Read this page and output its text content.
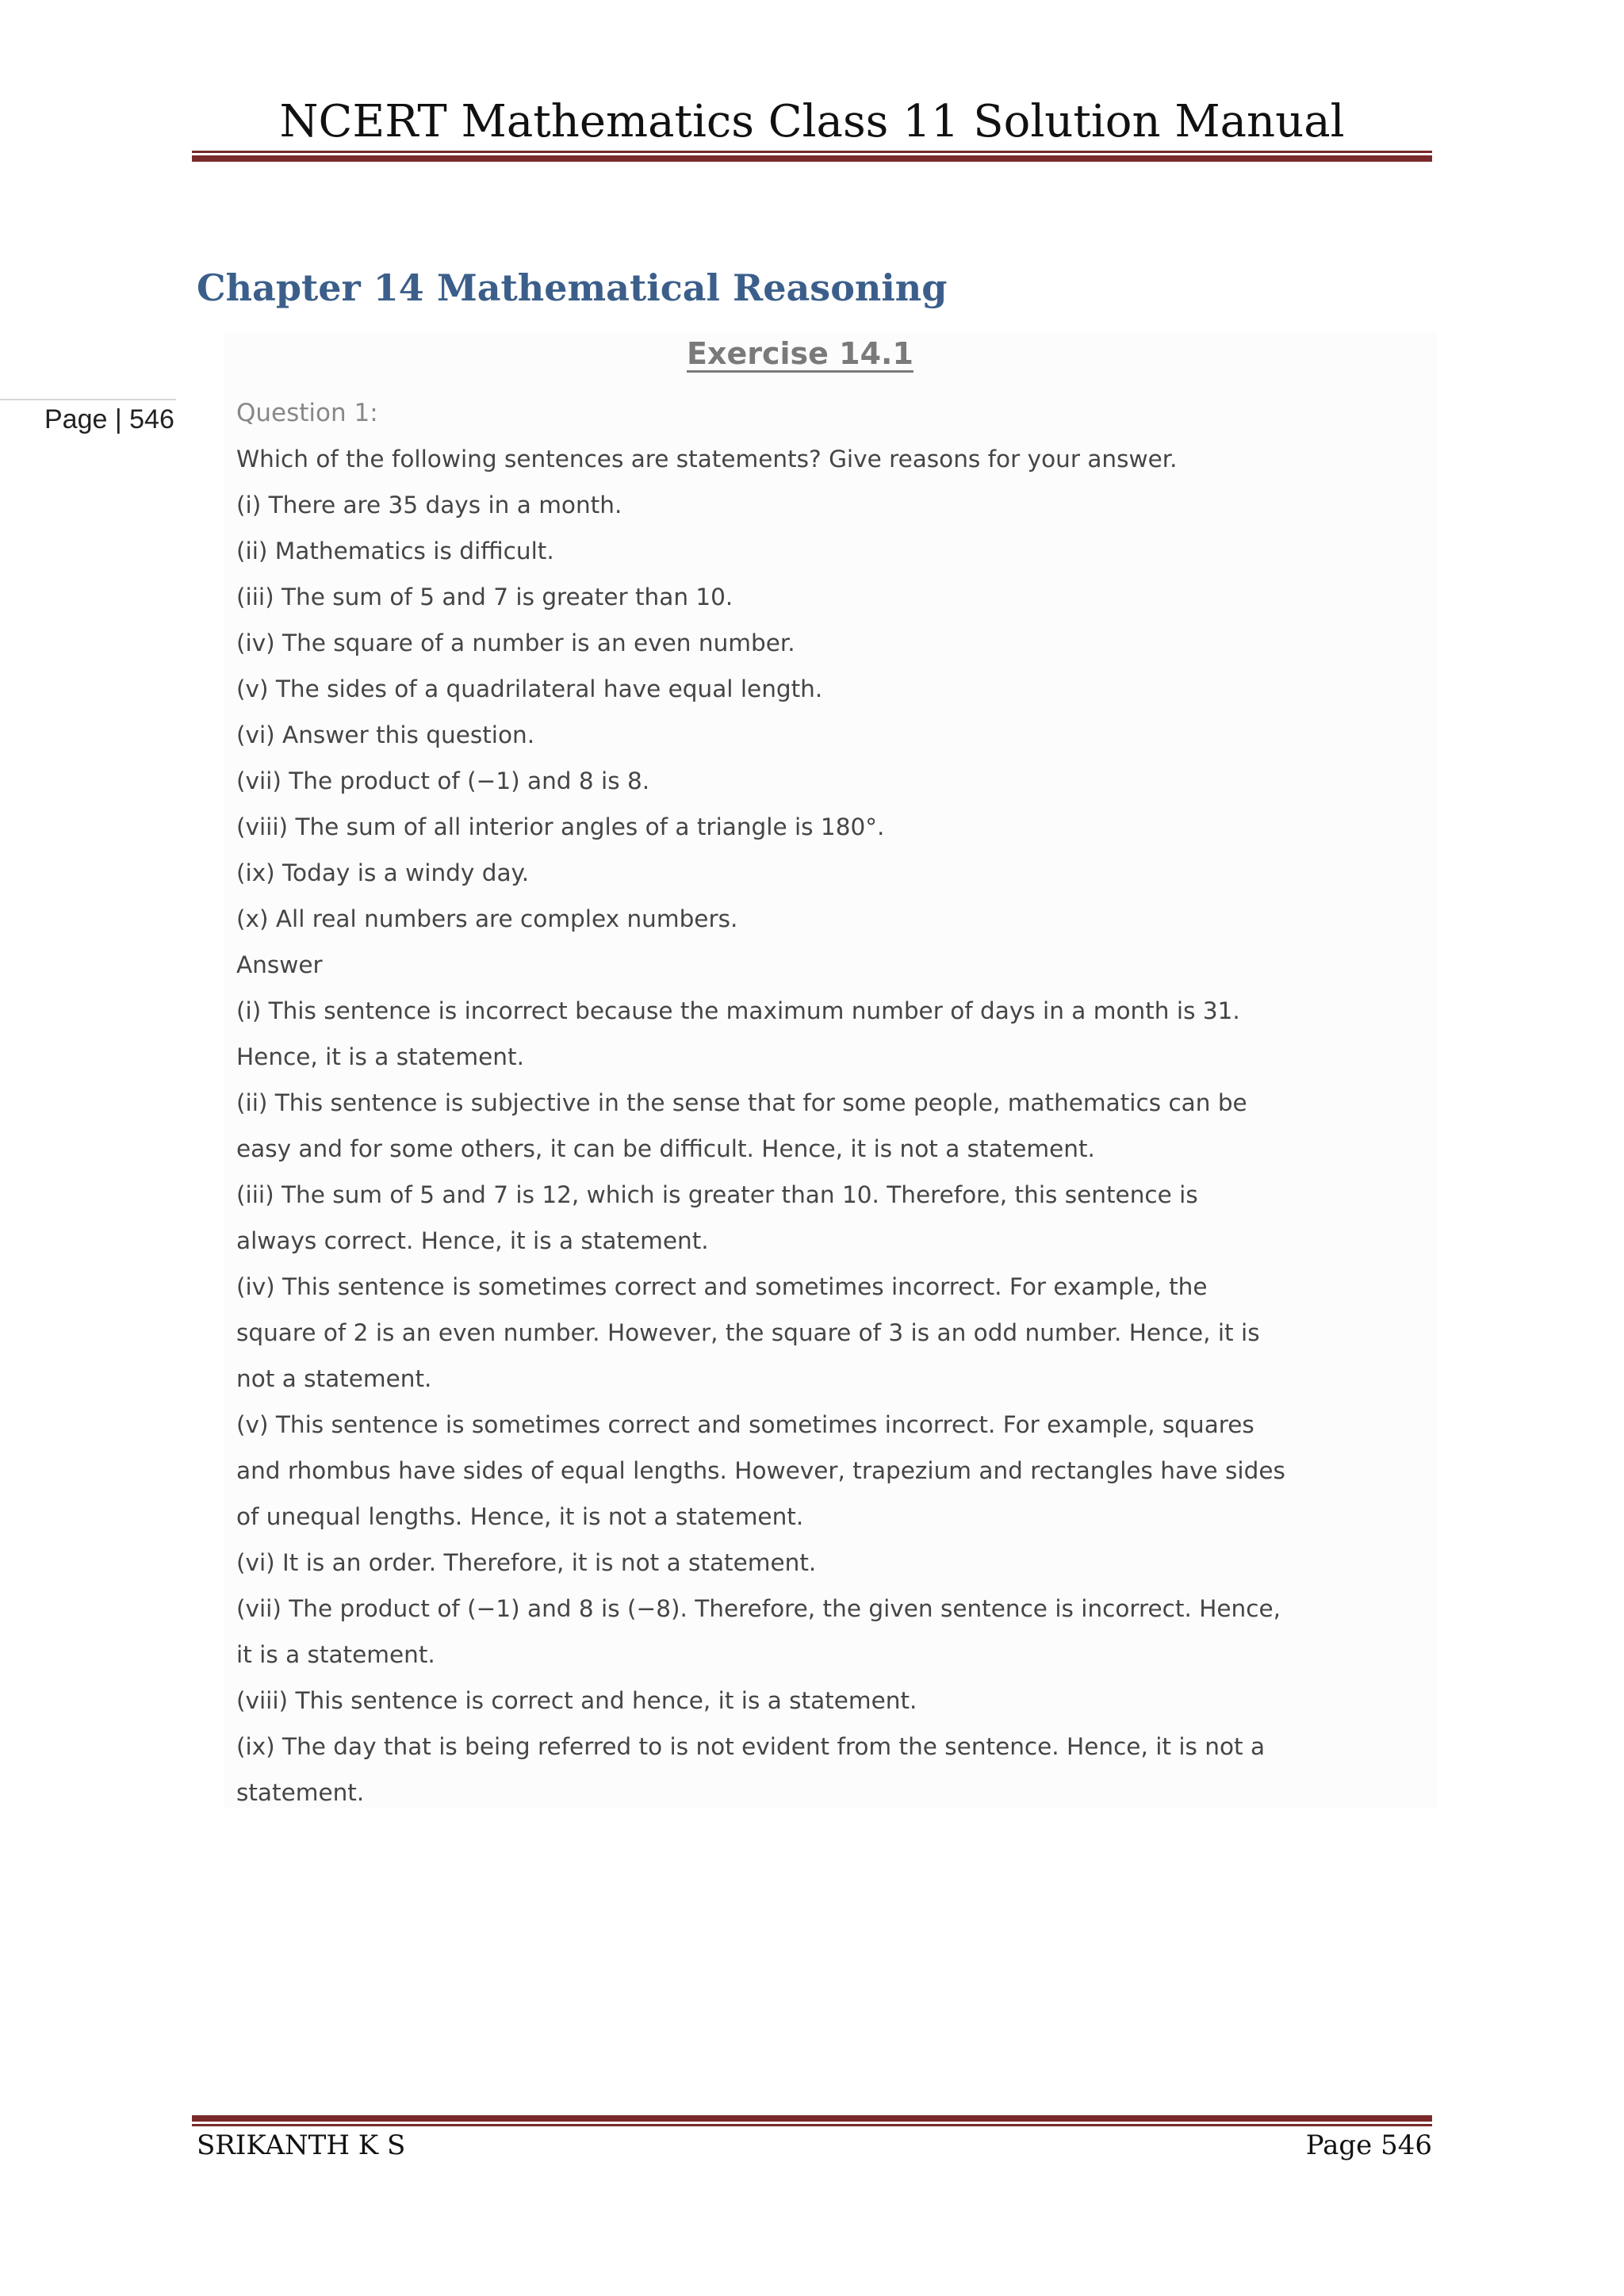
NCERT Mathematics Class 11 Solution Manual
Chapter 14 Mathematical Reasoning
Page | 546
Exercise 14.1
Question 1:
Which of the following sentences are statements? Give reasons for your answer.
(i) There are 35 days in a month.
(ii) Mathematics is difficult.
(iii) The sum of 5 and 7 is greater than 10.
(iv) The square of a number is an even number.
(v) The sides of a quadrilateral have equal length.
(vi) Answer this question.
(vii) The product of (−1) and 8 is 8.
(viii) The sum of all interior angles of a triangle is 180°.
(ix) Today is a windy day.
(x) All real numbers are complex numbers.
Answer
(i) This sentence is incorrect because the maximum number of days in a month is 31.
Hence, it is a statement.
(ii) This sentence is subjective in the sense that for some people, mathematics can be
easy and for some others, it can be difficult. Hence, it is not a statement.
(iii) The sum of 5 and 7 is 12, which is greater than 10. Therefore, this sentence is
always correct. Hence, it is a statement.
(iv) This sentence is sometimes correct and sometimes incorrect. For example, the
square of 2 is an even number. However, the square of 3 is an odd number. Hence, it is
not a statement.
(v) This sentence is sometimes correct and sometimes incorrect. For example, squares
and rhombus have sides of equal lengths. However, trapezium and rectangles have sides
of unequal lengths. Hence, it is not a statement.
(vi) It is an order. Therefore, it is not a statement.
(vii) The product of (−1) and 8 is (−8). Therefore, the given sentence is incorrect. Hence,
it is a statement.
(viii) This sentence is correct and hence, it is a statement.
(ix) The day that is being referred to is not evident from the sentence. Hence, it is not a
statement.
SRIKANTH K S	Page 546
